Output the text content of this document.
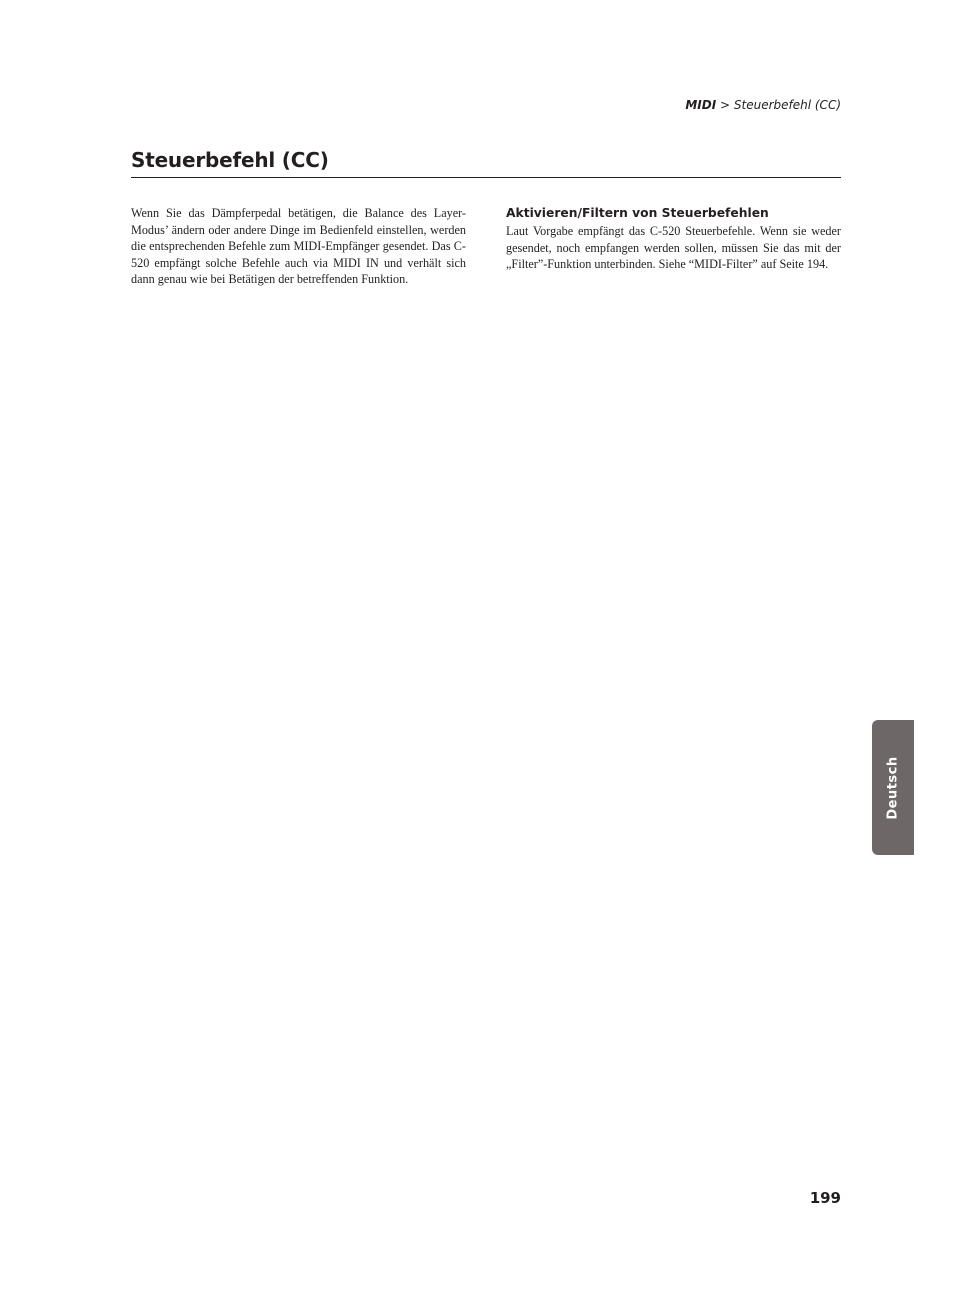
MIDI > Steuerbefehl (CC)
Steuerbefehl (CC)

Wenn Sie das Dämpferpedal betätigen, die Balance des Layer-Modus’ ändern oder andere Dinge im Bedienfeld einstellen, werden die entsprechenden Befehle zum MIDI-Empfänger gesendet. Das C-520 empfängt solche Befehle auch via MIDI IN und verhält sich dann genau wie bei Betätigen der betreffenden Funktion.

Aktivieren/Filtern von Steuerbefehlen

Laut Vorgabe empfängt das C-520 Steuerbefehle. Wenn sie weder gesendet, noch empfangen werden sollen, müssen Sie das mit der „Filter”-Funktion unterbinden. Siehe “MIDI-Filter” auf Seite 194.

Deutsch
199
